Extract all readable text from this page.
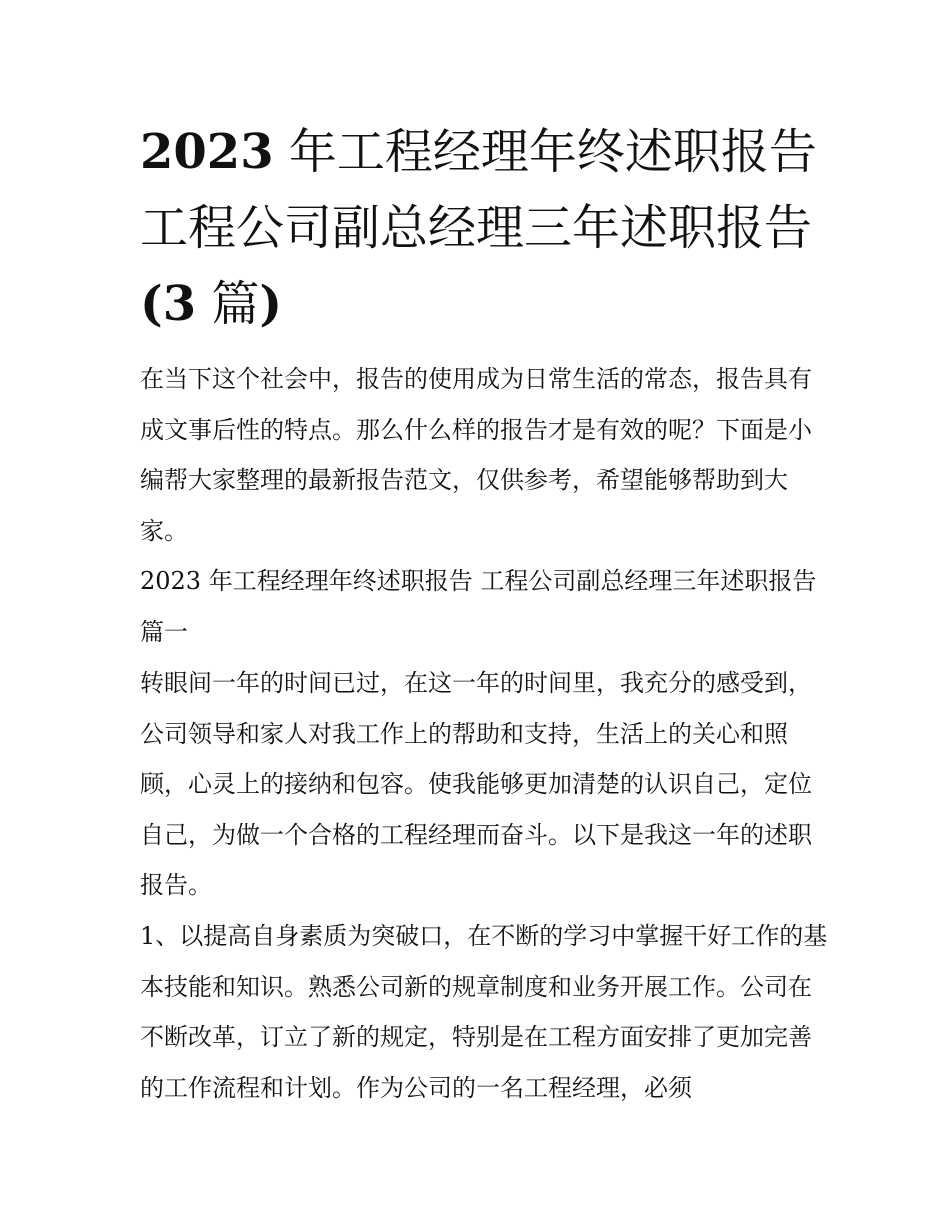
2023 年工程经理年终述职报告 工程公司副总经理三年述职报告(3 篇)

在当下这个社会中，报告的使用成为日常生活的常态，报告具有成文事后性的特点。那么什么样的报告才是有效的呢？下面是小编帮大家整理的最新报告范文，仅供参考，希望能够帮助到大家。

2023 年工程经理年终述职报告 工程公司副总经理三年述职报告篇一

转眼间一年的时间已过，在这一年的时间里，我充分的感受到，公司领导和家人对我工作上的帮助和支持，生活上的关心和照顾，心灵上的接纳和包容。使我能够更加清楚的认识自己，定位自己，为做一个合格的工程经理而奋斗。以下是我这一年的述职报告。

1、以提高自身素质为突破口，在不断的学习中掌握干好工作的基本技能和知识。熟悉公司新的规章制度和业务开展工作。公司在不断改革，订立了新的规定，特别是在工程方面安排了更加完善的工作流程和计划。作为公司的一名工程经理，必须
